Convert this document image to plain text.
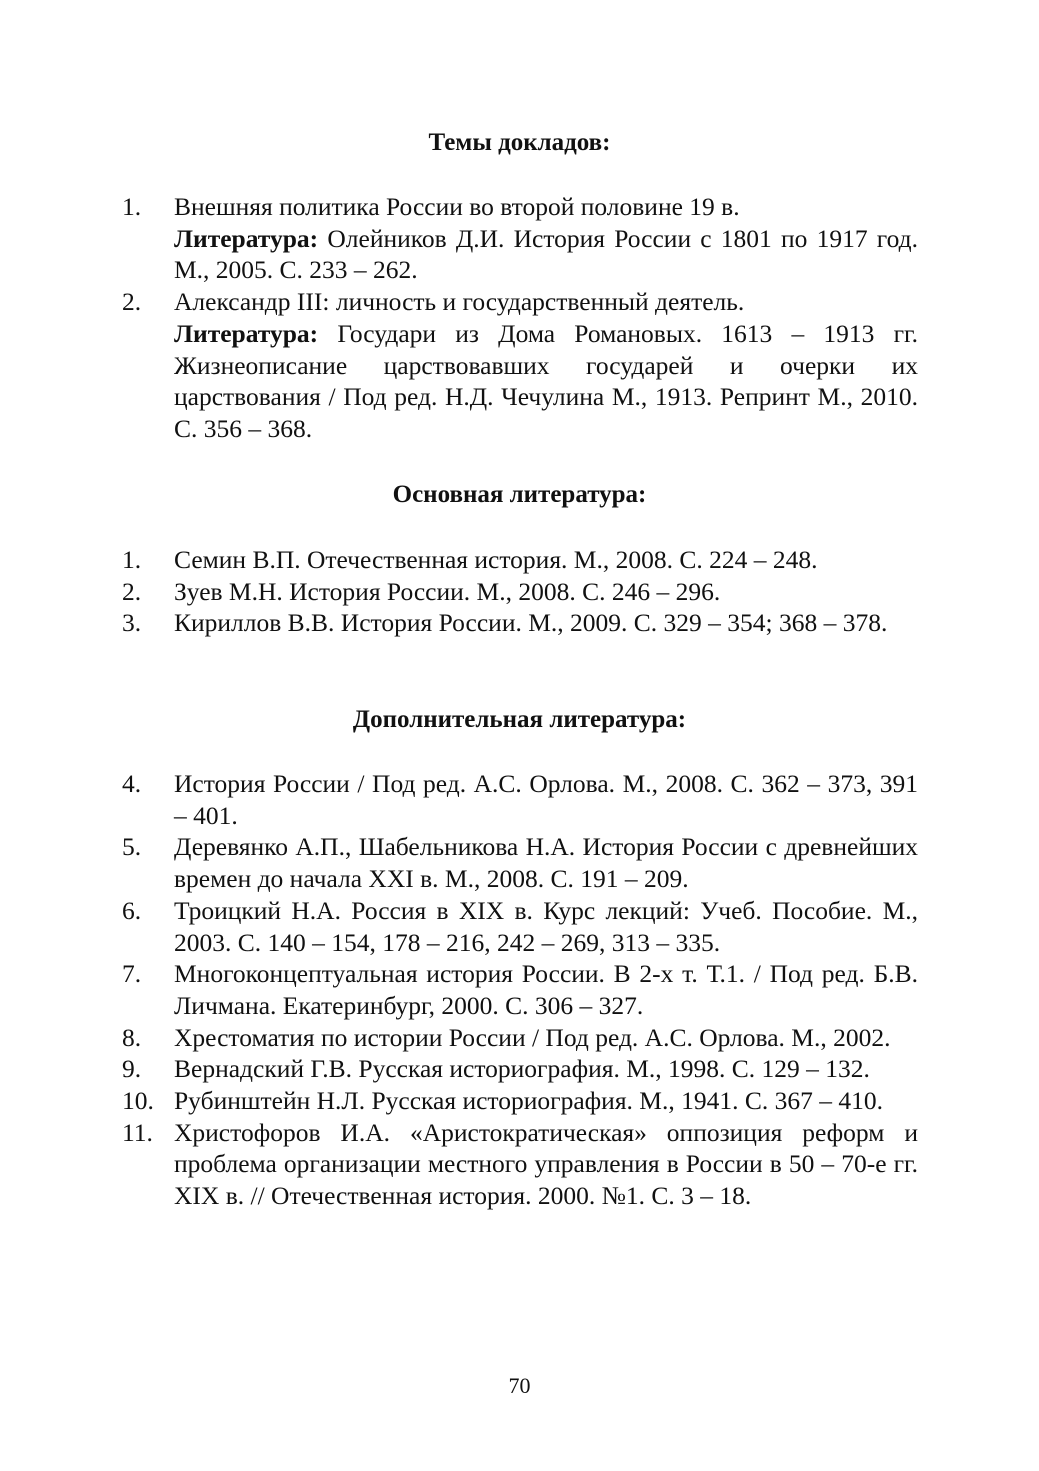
Темы докладов:
1. Внешняя политика России во второй половине 19 в.
Литература: Олейников Д.И. История России с 1801 по 1917 год. М., 2005. С. 233 – 262.
2. Александр III: личность и государственный деятель.
Литература: Государи из Дома Романовых. 1613 – 1913 гг. Жизнеописание царствовавших государей и очерки их царствования / Под ред. Н.Д. Чечулина М., 1913. Репринт М., 2010. С. 356 – 368.
Основная литература:
1. Семин В.П. Отечественная история. М., 2008. С. 224 – 248.
2. Зуев М.Н. История России. М., 2008. С. 246 – 296.
3. Кириллов В.В. История России. М., 2009. С. 329 – 354; 368 – 378.
Дополнительная литература:
4. История России / Под ред. А.С. Орлова. М., 2008. С. 362 – 373, 391 – 401.
5. Деревянко А.П., Шабельникова Н.А. История России с древнейших времен до начала XXI в. М., 2008. С. 191 – 209.
6. Троицкий Н.А. Россия в XIX в. Курс лекций: Учеб. Пособие. М., 2003. С. 140 – 154, 178 – 216, 242 – 269, 313 – 335.
7. Многоконцептуальная история России. В 2-х т. Т.1. / Под ред. Б.В. Личмана. Екатеринбург, 2000. С. 306 – 327.
8. Хрестоматия по истории России / Под ред. А.С. Орлова. М., 2002.
9. Вернадский Г.В. Русская историография. М., 1998. С. 129 – 132.
10. Рубинштейн Н.Л. Русская историография. М., 1941. С. 367 – 410.
11. Христофоров И.А. «Аристократическая» оппозиция реформ и проблема организации местного управления в России в 50 – 70-е гг. XIX в. // Отечественная история. 2000. №1. С. 3 – 18.
70
